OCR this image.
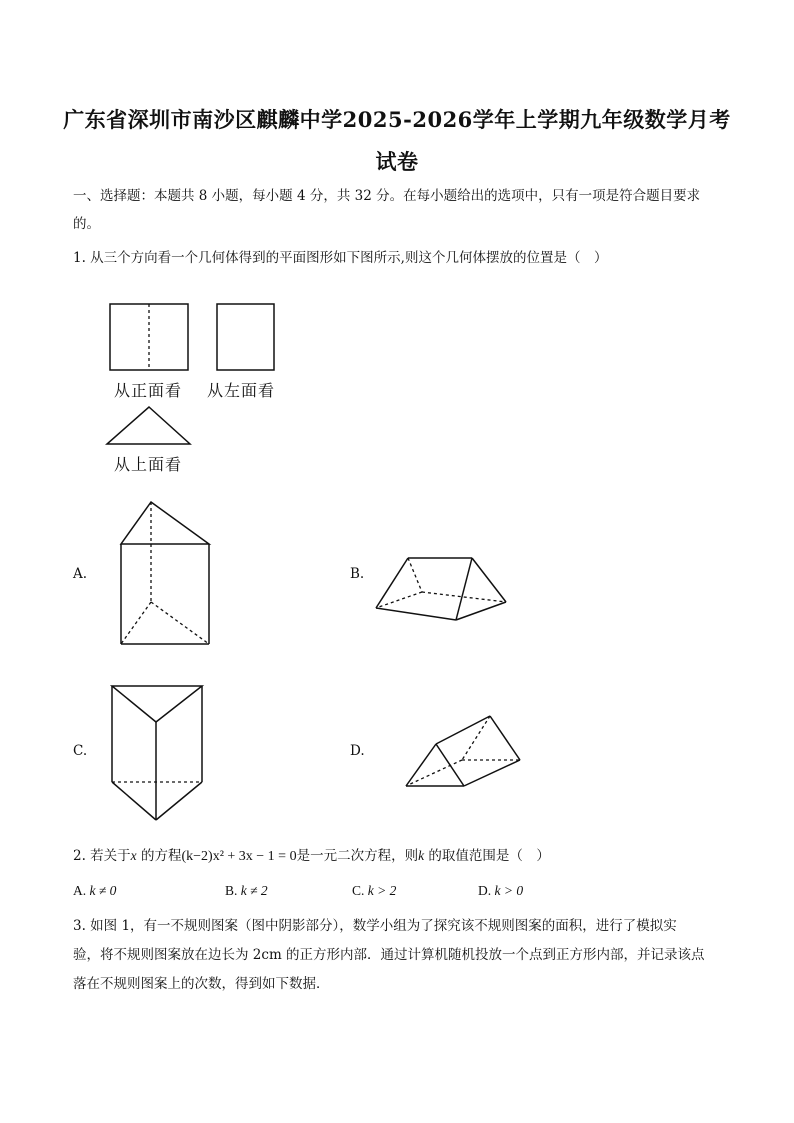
广东省深圳市南沙区麒麟中学2025-2026学年上学期九年级数学月考
试卷
一、选择题：本题共 8 小题，每小题 4 分，共 32 分。在每小题给出的选项中，只有一项是符合题目要求
的。
1. 从三个方向看一个几何体得到的平面图形如下图所示,则这个几何体摆放的位置是（　）
从正面看 从左面看
从上面看
A.	B.
C.	D.
2. 若关于x 的方程(k−2)x² + 3x − 1 = 0是一元二次方程，则k 的取值范围是（　）
A. k ≠ 0	B. k ≠ 2	C. k > 2	D. k > 0
3. 如图 1，有一不规则图案（图中阴影部分），数学小组为了探究该不规则图案的面积，进行了模拟实
验，将不规则图案放在边长为 2cm 的正方形内部．通过计算机随机投放一个点到正方形内部，并记录该点
落在不规则图案上的次数，得到如下数据．
